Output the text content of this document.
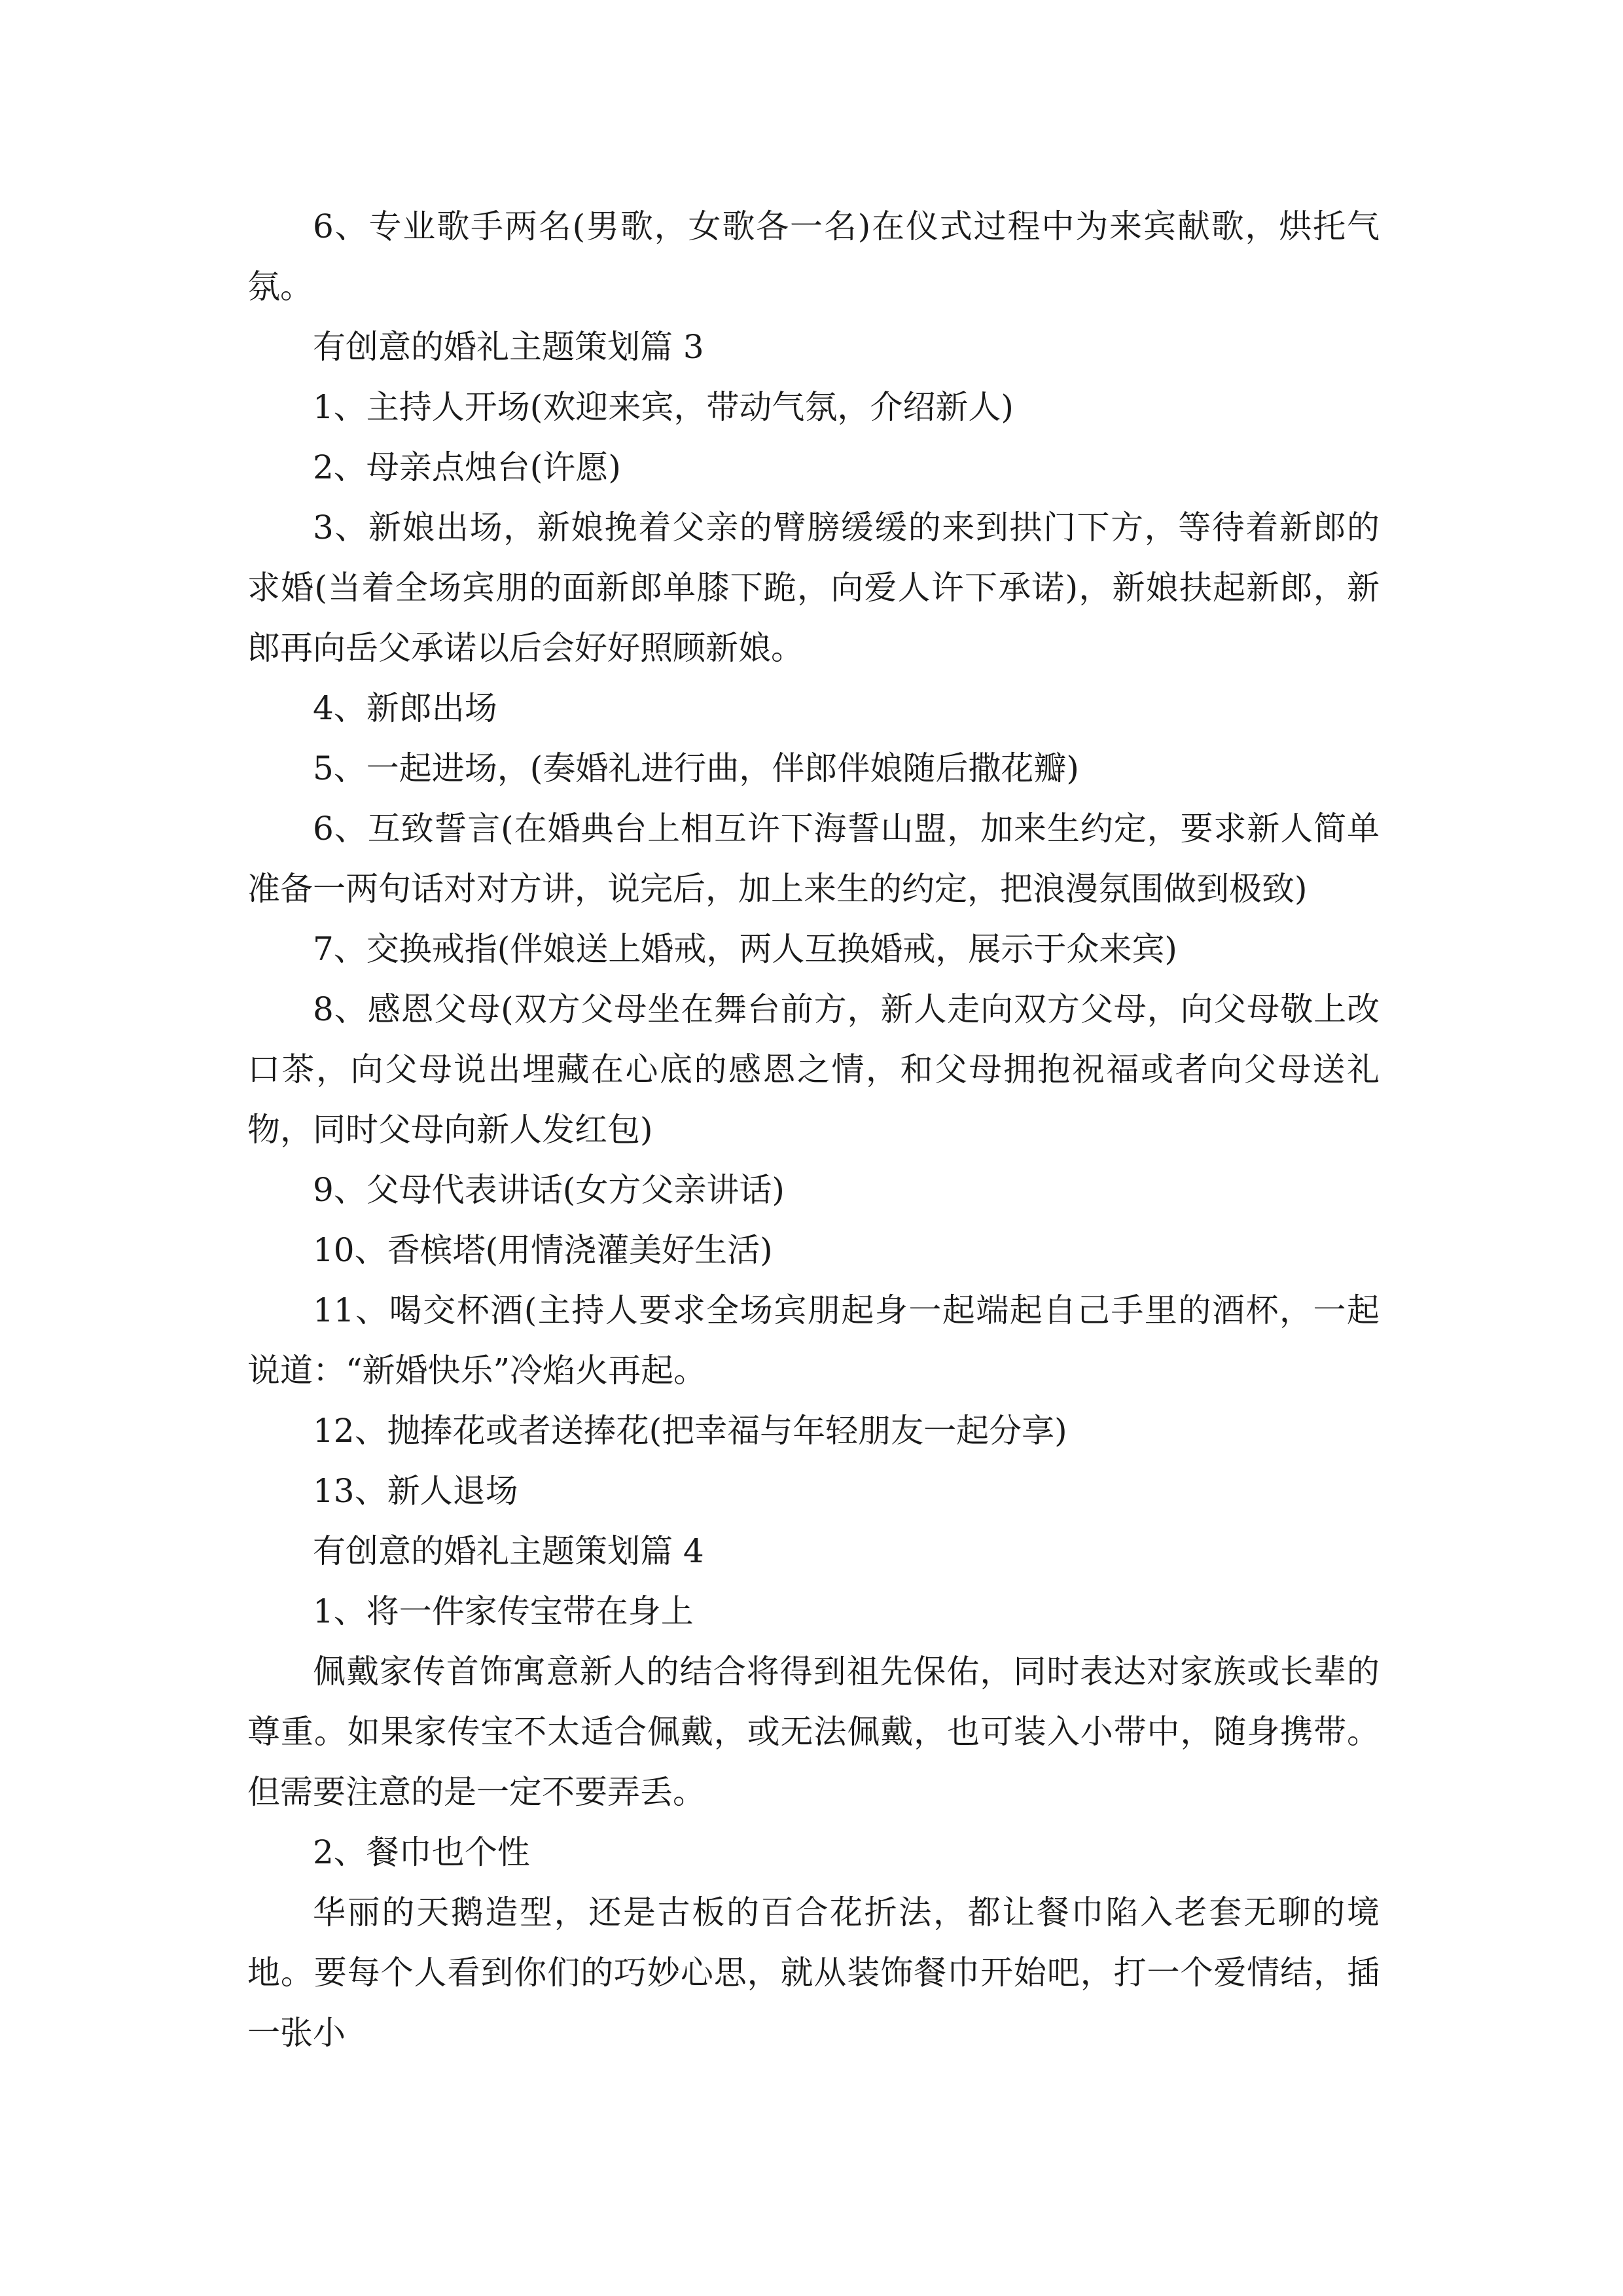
6、专业歌手两名(男歌，女歌各一名)在仪式过程中为来宾献歌，烘托气氛。

有创意的婚礼主题策划篇 3

1、主持人开场(欢迎来宾，带动气氛，介绍新人)

2、母亲点烛台(许愿)

3、新娘出场，新娘挽着父亲的臂膀缓缓的来到拱门下方，等待着新郎的求婚(当着全场宾朋的面新郎单膝下跪，向爱人许下承诺)，新娘扶起新郎，新郎再向岳父承诺以后会好好照顾新娘。

4、新郎出场

5、一起进场，(奏婚礼进行曲，伴郎伴娘随后撒花瓣)

6、互致誓言(在婚典台上相互许下海誓山盟，加来生约定，要求新人简单准备一两句话对对方讲，说完后，加上来生的约定，把浪漫氛围做到极致)

7、交换戒指(伴娘送上婚戒，两人互换婚戒，展示于众来宾)

8、感恩父母(双方父母坐在舞台前方，新人走向双方父母，向父母敬上改口茶，向父母说出埋藏在心底的感恩之情，和父母拥抱祝福或者向父母送礼物，同时父母向新人发红包)

9、父母代表讲话(女方父亲讲话)

10、香槟塔(用情浇灌美好生活)

11、喝交杯酒(主持人要求全场宾朋起身一起端起自己手里的酒杯，一起说道：“新婚快乐”冷焰火再起。

12、抛捧花或者送捧花(把幸福与年轻朋友一起分享)

13、新人退场

有创意的婚礼主题策划篇 4

1、将一件家传宝带在身上

佩戴家传首饰寓意新人的结合将得到祖先保佑，同时表达对家族或长辈的尊重。如果家传宝不太适合佩戴，或无法佩戴，也可装入小带中，随身携带。但需要注意的是一定不要弄丢。

2、餐巾也个性

华丽的天鹅造型，还是古板的百合花折法，都让餐巾陷入老套无聊的境地。要每个人看到你们的巧妙心思，就从装饰餐巾开始吧，打一个爱情结，插一张小
